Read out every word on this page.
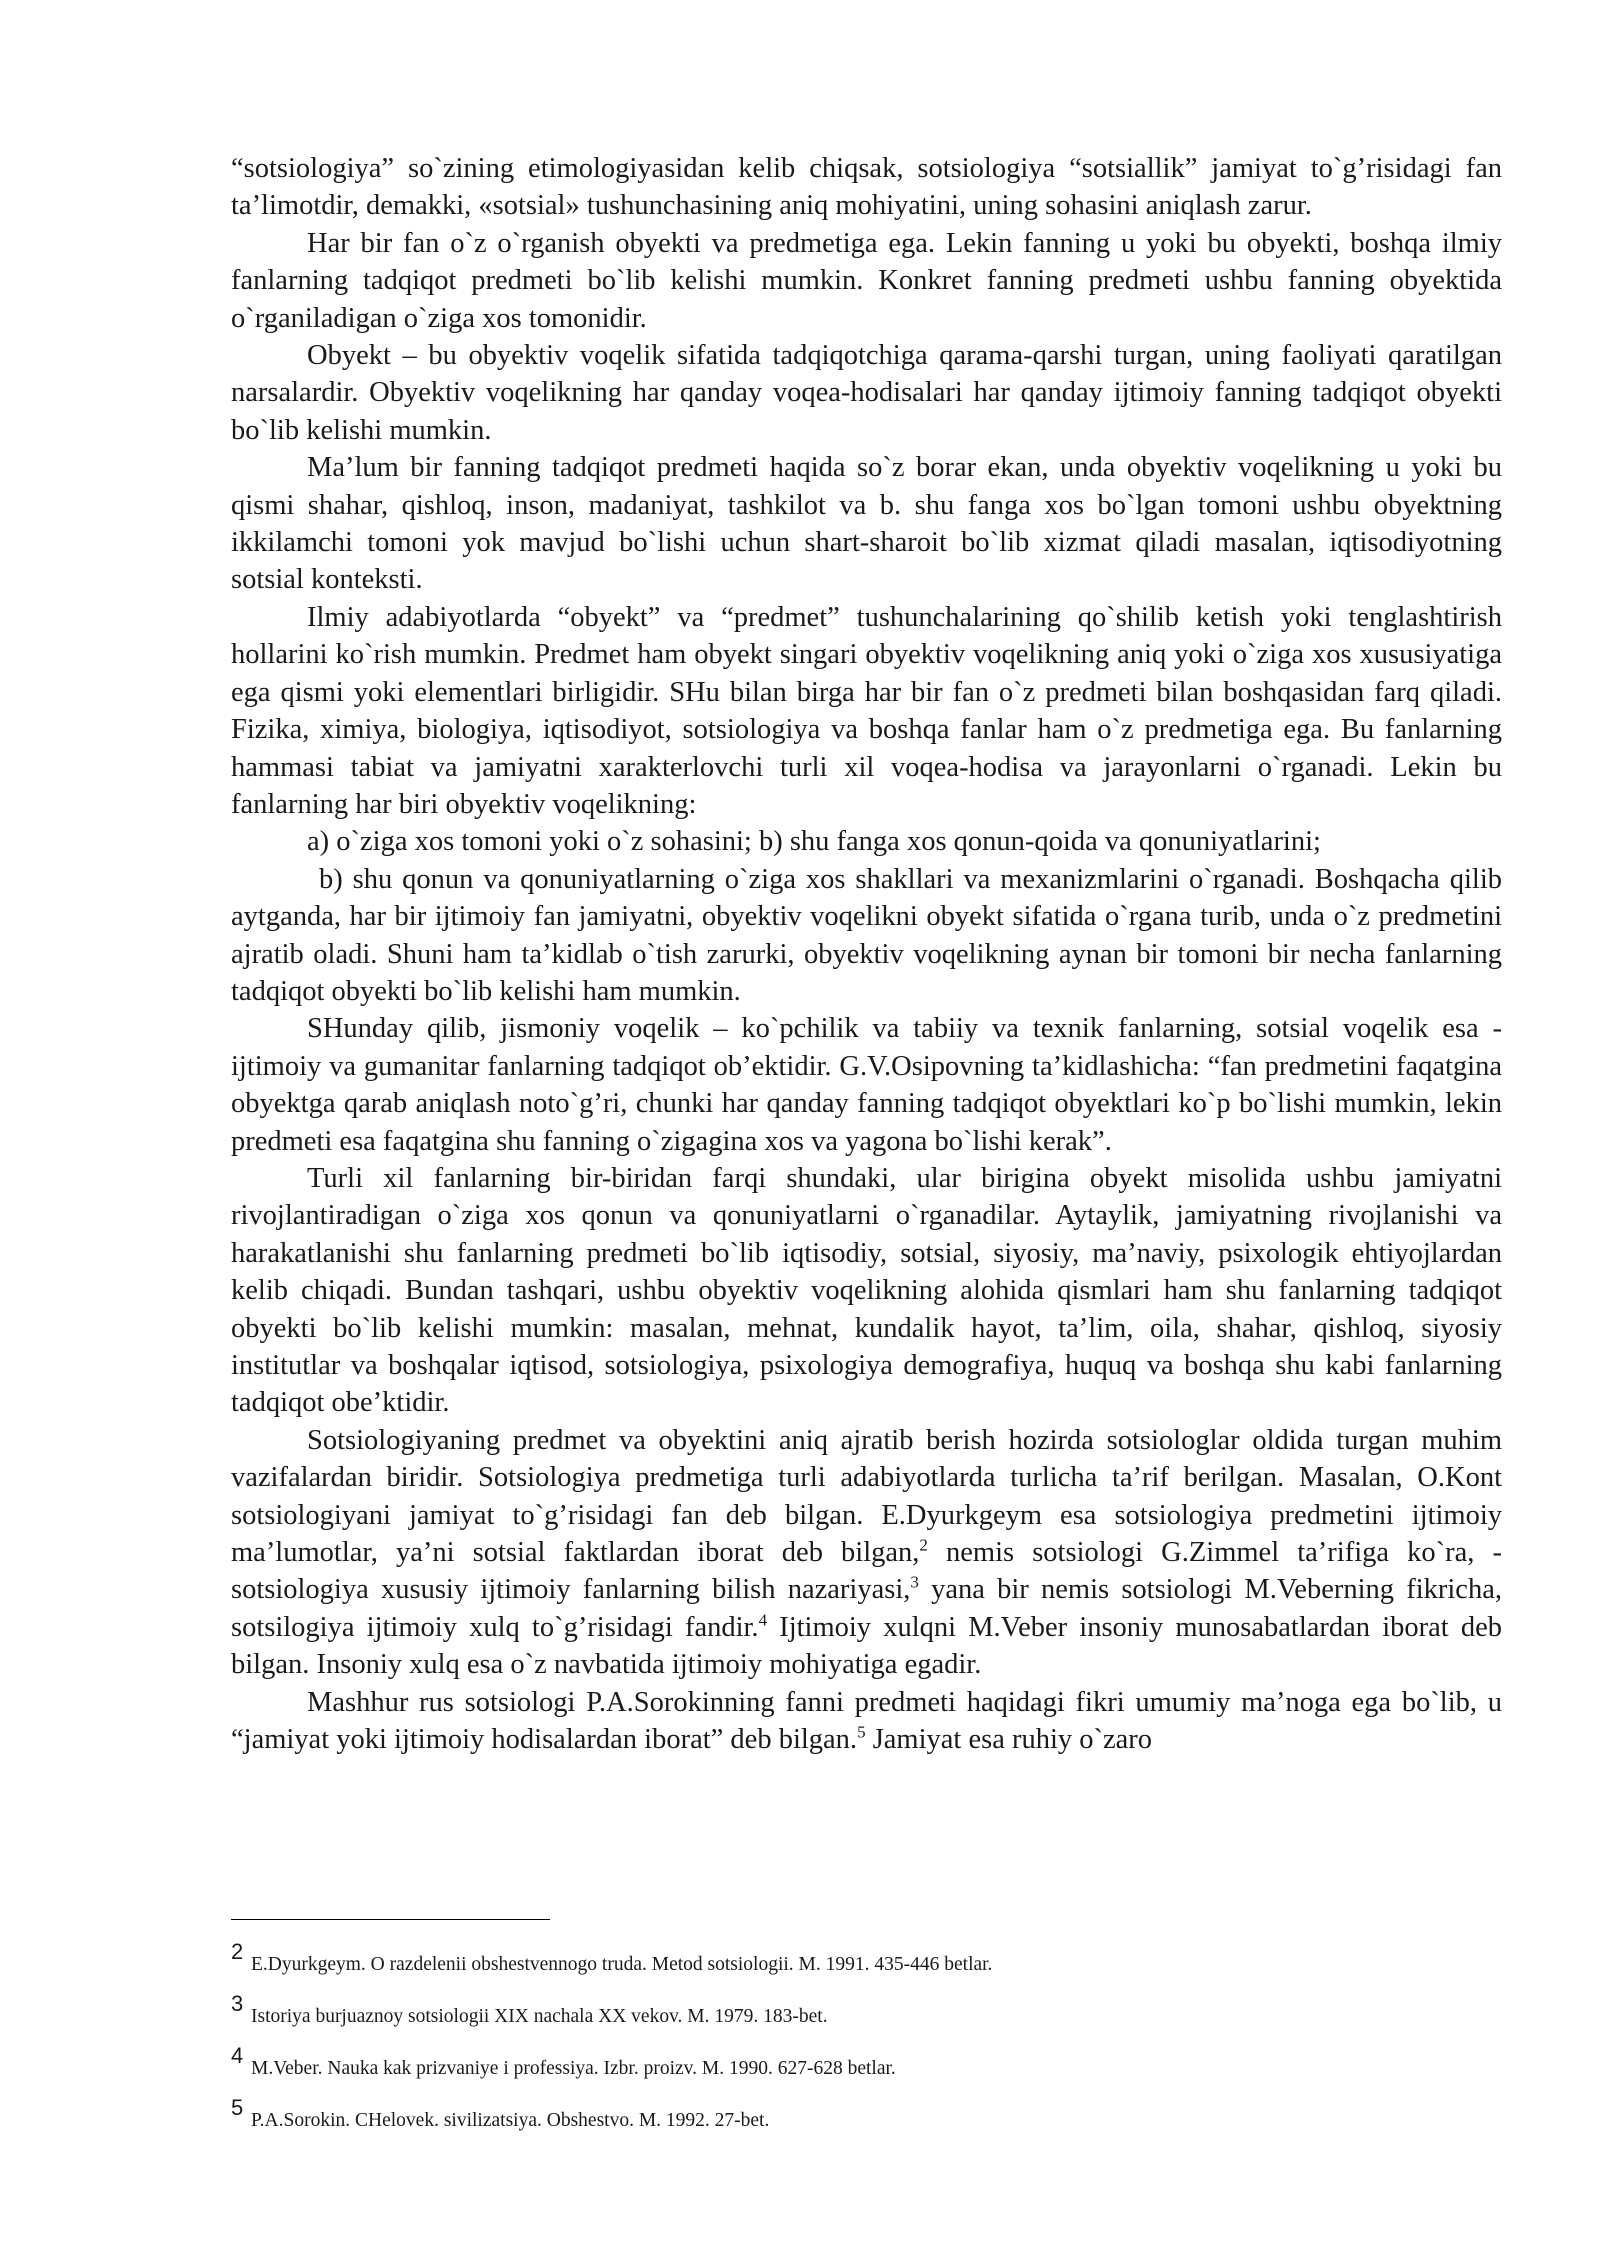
“sotsiologiya” so`zining etimologiyasidan kelib chiqsak, sotsiologiya “sotsiallik” jamiyat to`g’risidagi fan ta’limotdir, demakki, «sotsial» tushunchasining aniq mohiyatini, uning sohasini aniqlash zarur.

Har bir fan o`z o`rganish obyekti va predmetiga ega. Lekin fanning u yoki bu obyekti, boshqa ilmiy fanlarning tadqiqot predmeti bo`lib kelishi mumkin. Konkret fanning predmeti ushbu fanning obyektida o`rganiladigan o`ziga xos tomonidir.

Obyekt – bu obyektiv voqelik sifatida tadqiqotchiga qarama-qarshi turgan, uning faoliyati qaratilgan narsalardir. Obyektiv voqelikning har qanday voqea-hodisalari har qanday ijtimoiy fanning tadqiqot obyekti bo`lib kelishi mumkin.

Ma’lum bir fanning tadqiqot predmeti haqida so`z borar ekan, unda obyektiv voqelikning u yoki bu qismi shahar, qishloq, inson, madaniyat, tashkilot va b. shu fanga xos bo`lgan tomoni ushbu obyektning ikkilamchi tomoni yok mavjud bo`lishi uchun shart-sharoit bo`lib xizmat qiladi masalan, iqtisodiyotning sotsial konteksti.

Ilmiy adabiyotlarda “obyekt” va “predmet” tushunchalarining qo`shilib ketish yoki tenglashtirish hollarini ko`rish mumkin. Predmet ham obyekt singari obyektiv voqelikning aniq yoki o`ziga xos xususiyatiga ega qismi yoki elementlari birligidir. SHu bilan birga har bir fan o`z predmeti bilan boshqasidan farq qiladi. Fizika, ximiya, biologiya, iqtisodiyot, sotsiologiya va boshqa fanlar ham o`z predmetiga ega. Bu fanlarning hammasi tabiat va jamiyatni xarakterlovchi turli xil voqea-hodisa va jarayonlarni o`rganadi. Lekin bu fanlarning har biri obyektiv voqelikning:

a) o`ziga xos tomoni yoki o`z sohasini; b) shu fanga xos qonun-qoida va qonuniyatlarini;

b) shu qonun va qonuniyatlarning o`ziga xos shakllari va mexanizmlarini o`rganadi. Boshqacha qilib aytganda, har bir ijtimoiy fan jamiyatni, obyektiv voqelikni obyekt sifatida o`rgana turib, unda o`z predmetini ajratib oladi. Shuni ham ta’kidlab o`tish zarurki, obyektiv voqelikning aynan bir tomoni bir necha fanlarning tadqiqot obyekti bo`lib kelishi ham mumkin.

SHunday qilib, jismoniy voqelik – ko`pchilik va tabiiy va texnik fanlarning, sotsial voqelik esa - ijtimoiy va gumanitar fanlarning tadqiqot ob’ektidir. G.V.Osipovning ta’kidlashicha: “fan predmetini faqatgina obyektga qarab aniqlash noto`g’ri, chunki har qanday fanning tadqiqot obyektlari ko`p bo`lishi mumkin, lekin predmeti esa faqatgina shu fanning o`zigagina xos va yagona bo`lishi kerak”.

Turli xil fanlarning bir-biridan farqi shundaki, ular birigina obyekt misolida ushbu jamiyatni rivojlantiradigan o`ziga xos qonun va qonuniyatlarni o`rganadilar. Aytaylik, jamiyatning rivojlanishi va harakatlanishi shu fanlarning predmeti bo`lib iqtisodiy, sotsial, siyosiy, ma’naviy, psixologik ehtiyojlardan kelib chiqadi. Bundan tashqari, ushbu obyektiv voqelikning alohida qismlari ham shu fanlarning tadqiqot obyekti bo`lib kelishi mumkin: masalan, mehnat, kundalik hayot, ta’lim, oila, shahar, qishloq, siyosiy institutlar va boshqalar iqtisod, sotsiologiya, psixologiya demografiya, huquq va boshqa shu kabi fanlarning tadqiqot obe’ktidir.

Sotsiologiyaning predmet va obyektini aniq ajratib berish hozirda sotsiologlar oldida turgan muhim vazifalardan biridir. Sotsiologiya predmetiga turli adabiyotlarda turlicha ta’rif berilgan. Masalan, O.Kont sotsiologiyani jamiyat to`g’risidagi fan deb bilgan. E.Dyurkgeym esa sotsiologiya predmetini ijtimoiy ma’lumotlar, ya’ni sotsial faktlardan iborat deb bilgan,$^2$ nemis sotsiologi G.Zimmel ta’rifiga ko`ra, - sotsiologiya xususiy ijtimoiy fanlarning bilish nazariyasi,$^3$ yana bir nemis sotsiologi M.Veberning fikricha, sotsilogiya ijtimoiy xulq to`g’risidagi fandir.$^4$ Ijtimoiy xulqni M.Veber insoniy munosabatlardan iborat deb bilgan. Insoniy xulq esa o`z navbatida ijtimoiy mohiyatiga egadir.

Mashhur rus sotsiologi P.A.Sorokinning fanni predmeti haqidagi fikri umumiy ma’noga ega bo`lib, u “jamiyat yoki ijtimoiy hodisalardan iborat” deb bilgan.$^5$ Jamiyat esa ruhiy o`zaro

2
E.Dyurkgeym. O razdelenii obshestvennogo truda. Metod sotsiologii. M. 1991. 435-446 betlar.
3
Istoriya burjuaznoy sotsiologii XIX nachala XX vekov. M. 1979. 183-bet.
4
M.Veber. Nauka kak prizvaniye i professiya. Izbr. proizv. M. 1990. 627-628 betlar.
5
P.A.Sorokin. CHelovek. sivilizatsiya. Obshestvo. M. 1992. 27-bet.
